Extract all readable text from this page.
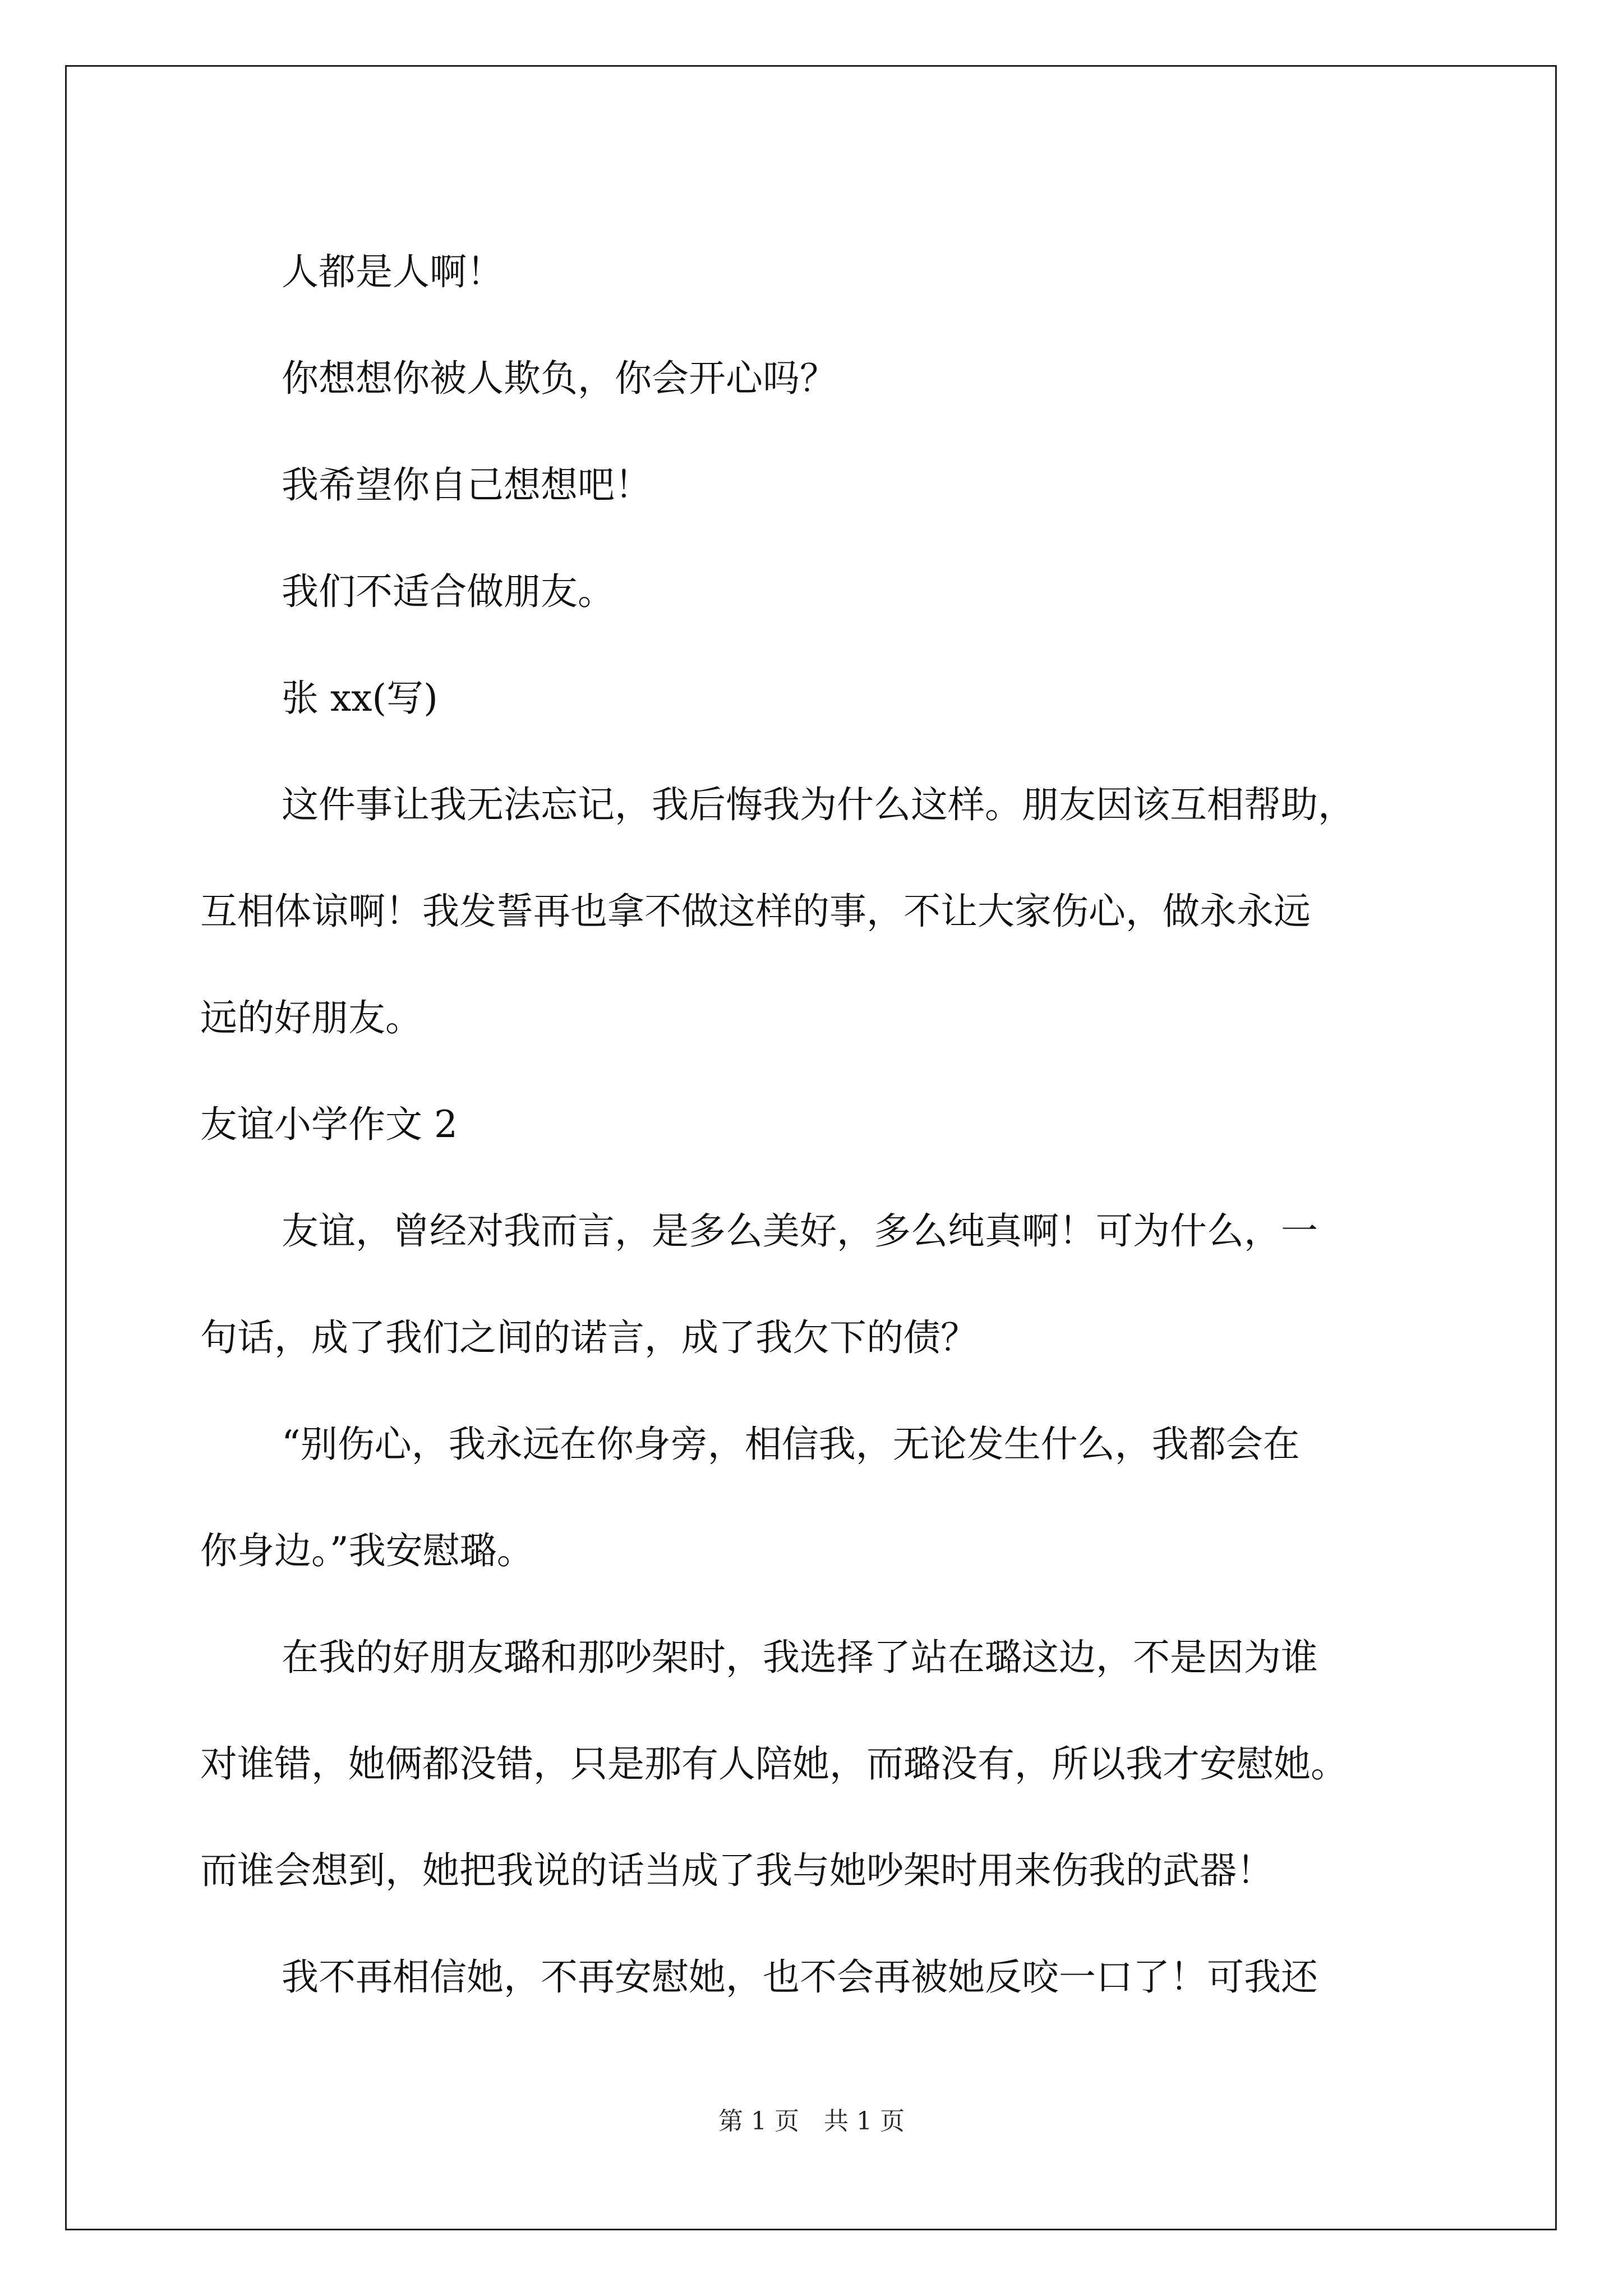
人都是人啊！

你想想你被人欺负，你会开心吗？

我希望你自己想想吧！

我们不适合做朋友。

张 xx(写)

这件事让我无法忘记，我后悔我为什么这样。朋友因该互相帮助，

互相体谅啊！我发誓再也拿不做这样的事，不让大家伤心，做永永远

远的好朋友。

友谊小学作文 2

友谊，曾经对我而言，是多么美好，多么纯真啊！可为什么，一

句话，成了我们之间的诺言，成了我欠下的债？

“别伤心，我永远在你身旁，相信我，无论发生什么，我都会在

你身边。”我安慰璐。

在我的好朋友璐和那吵架时，我选择了站在璐这边，不是因为谁

对谁错，她俩都没错，只是那有人陪她，而璐没有，所以我才安慰她。

而谁会想到，她把我说的话当成了我与她吵架时用来伤我的武器！

我不再相信她，不再安慰她，也不会再被她反咬一口了！可我还

第 1 页　共 1 页
